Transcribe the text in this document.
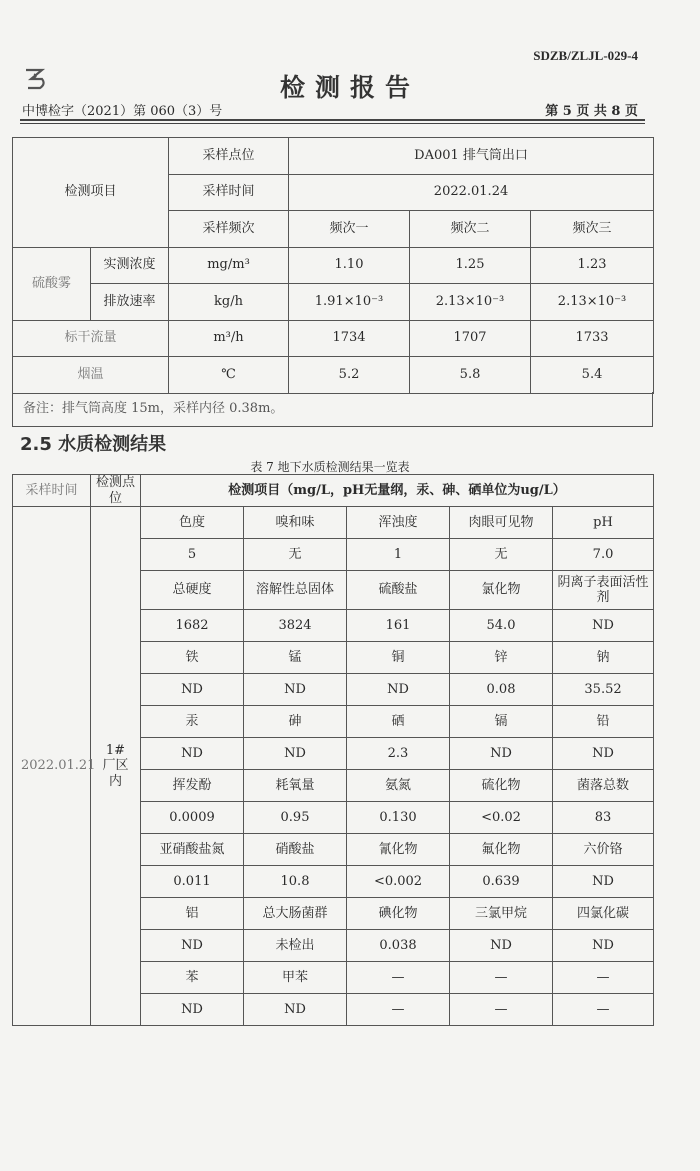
SDZB/ZLJL-029-4
检测报告
中博检字（2021）第 060（3）号	第 5 页 共 8 页
检测项目		采样点位	DA001 排气筒出口		
		采样时间	2022.01.24		
		采样频次	频次一	频次二	频次三
硫酸雾	实测浓度	mg/m³	1.10	1.25	1.23
	排放速率	kg/h	1.91×10⁻³	2.13×10⁻³	2.13×10⁻³
标干流量		m³/h	1734	1707	1733
烟温		℃	5.2	5.8	5.4
备注：排气筒高度 15m，采样内径 0.38m。
2.5 水质检测结果
表 7 地下水质检测结果一览表
采样时间	检测点位	检测项目（mg/L，pH无量纲，汞、砷、硒单位为ug/L）				
2022.01.21	1#厂区内	色度	嗅和味	浑浊度	肉眼可见物	pH
		5	无	1	无	7.0
		总硬度	溶解性总固体	硫酸盐	氯化物	阴离子表面活性剂
		1682	3824	161	54.0	ND
		铁	锰	铜	锌	钠
		ND	ND	ND	0.08	35.52
		汞	砷	硒	镉	铅
		ND	ND	2.3	ND	ND
		挥发酚	耗氧量	氨氮	硫化物	菌落总数
		0.0009	0.95	0.130	<0.02	83
		亚硝酸盐氮	硝酸盐	氰化物	氟化物	六价铬
		0.011	10.8	<0.002	0.639	ND
		铝	总大肠菌群	碘化物	三氯甲烷	四氯化碳
		ND	未检出	0.038	ND	ND
		苯	甲苯	—	—	—
		ND	ND	—	—	—
